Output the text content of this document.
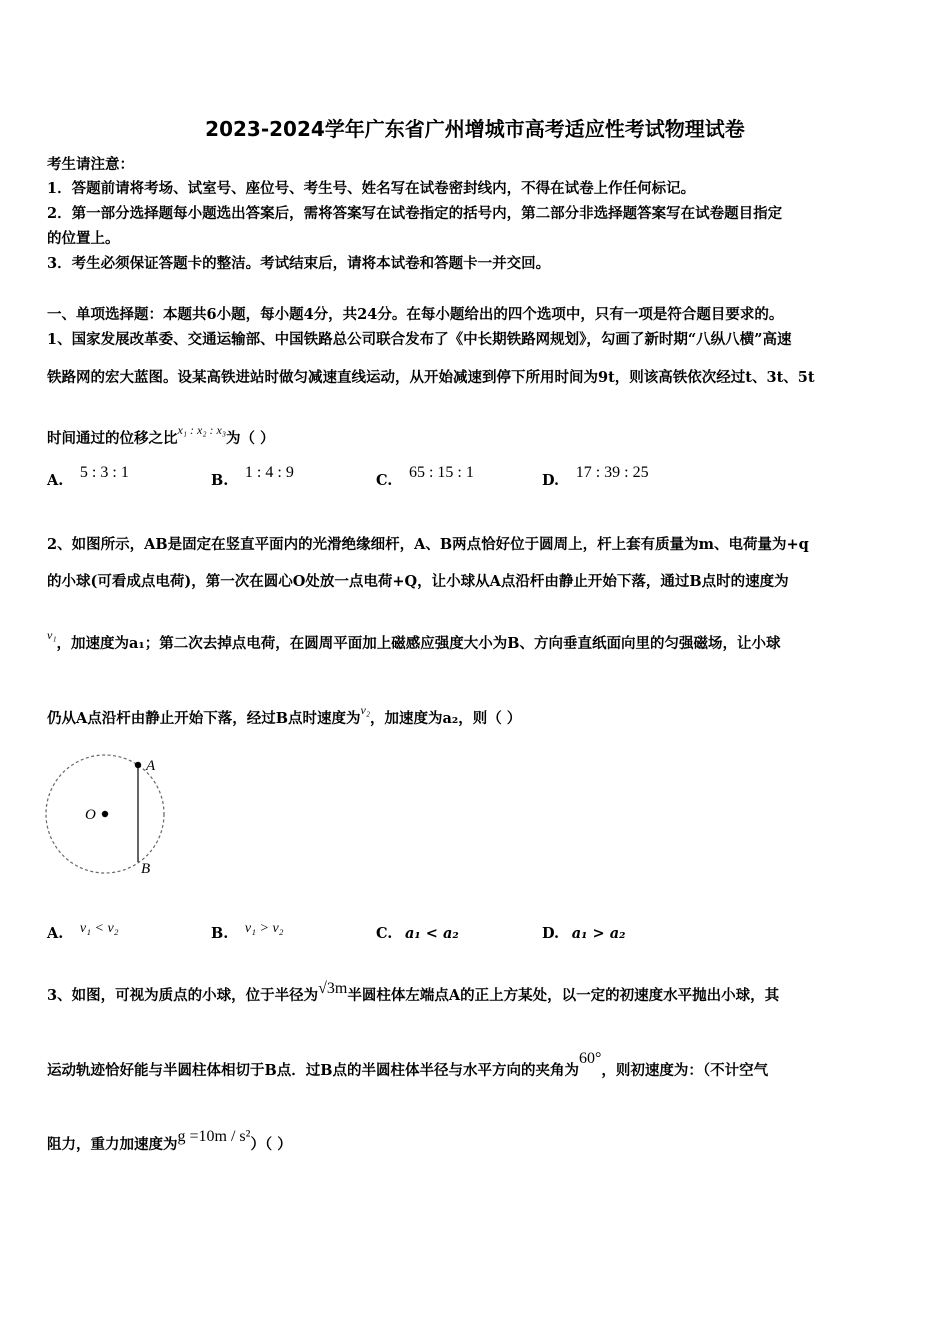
2023-2024学年广东省广州增城市高考适应性考试物理试卷
考生请注意：
1．答题前请将考场、试室号、座位号、考生号、姓名写在试卷密封线内，不得在试卷上作任何标记。
2．第一部分选择题每小题选出答案后，需将答案写在试卷指定的括号内，第二部分非选择题答案写在试卷题目指定
的位置上。
3．考生必须保证答题卡的整洁。考试结束后，请将本试卷和答题卡一并交回。
一、单项选择题：本题共6小题，每小题4分，共24分。在每小题给出的四个选项中，只有一项是符合题目要求的。
1、国家发展改革委、交通运输部、中国铁路总公司联合发布了《中长期铁路网规划》，勾画了新时期“八纵八横”高速
铁路网的宏大蓝图。设某高铁进站时做匀减速直线运动，从开始减速到停下所用时间为9t，则该高铁依次经过t、3t、5t
时间通过的位移之比$^{x_1 : x_2 : x_3}$为（ ）
A. 5 : 3 : 1	B. 1 : 4 : 9	C. 65 : 15 : 1	D. 17 : 39 : 25
2、如图所示，AB是固定在竖直平面内的光滑绝缘细杆，A、B两点恰好位于圆周上，杆上套有质量为m、电荷量为+q
的小球(可看成点电荷)，第一次在圆心O处放一点电荷+Q，让小球从A点沿杆由静止开始下落，通过B点时的速度为
$^{v_1}$，加速度为a₁；第二次去掉点电荷，在圆周平面加上磁感应强度大小为B、方向垂直纸面向里的匀强磁场，让小球
仍从A点沿杆由静止开始下落，经过B点时速度为$^{v_2}$，加速度为a₂，则（ ）
A
B
O
A. v₁ < v₂	B. v₁ > v₂	C. a₁ < a₂	D. a₁ > a₂
3、如图，可视为质点的小球，位于半径为√3m半圆柱体左端点A的正上方某处，以一定的初速度水平抛出小球，其
运动轨迹恰好能与半圆柱体相切于B点．过B点的半圆柱体半径与水平方向的夹角为60°，则初速度为：（不计空气
阻力，重力加速度为g =10m / s²）（ ）
